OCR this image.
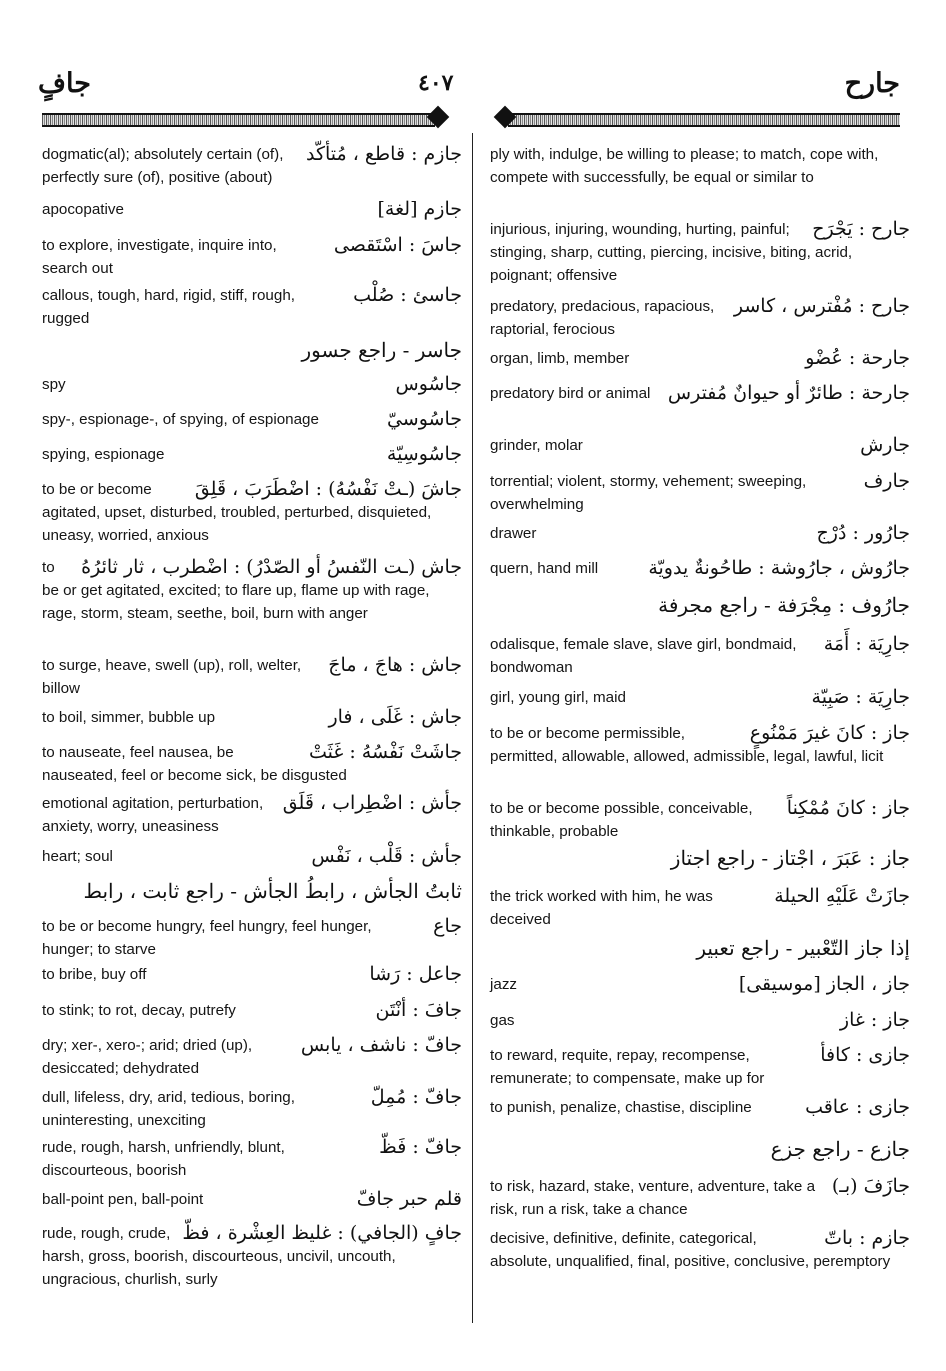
جافٍ	٤٠٧	جارح
جازم : قاطع ، مُتأكّد
dogmatic(al); absolutely certain (of), perfectly sure (of), positive (about)
جازم [لغة]
apocopative
جاسَ : اسْتَقصى
to explore, investigate, inquire into, search out
جاسئ : صُلْب
callous, tough, hard, rigid, stiff, rough, rugged
جاسر - راجع جسور
جاسُوس
spy
جاسُوسيّ
spy-, espionage-, of spying, of espionage
جاسُوسِيّة
spying, espionage
جاشَ (ـتْ نَفْسُهُ) : اضْطَرَبَ ، قَلِقَ
to be or become agitated, upset, disturbed, troubled, perturbed, disquieted, uneasy, worried, anxious
جاش (ـت النّفسُ أو الصّدْرُ) : اضْطرب ، ثار ثائرُهُ
to be or get agitated, excited; to flare up, flame up with rage, rage, storm, steam, seethe, boil, burn with anger
جاش : هاجَ ، ماجَ
to surge, heave, swell (up), roll, welter, billow
جاش : غَلَى ، فار
to boil, simmer, bubble up
جاشَتْ نَفْسُهُ : غَثَتْ
to nauseate, feel nausea, be nauseated, feel or become sick, be disgusted
جأش : اضْطِراب ، قَلَق
emotional agitation, perturbation, anxiety, worry, uneasiness
جأش : قَلْب ، نَفْس
heart; soul
ثابتُ الجأش ، رابطُ الجأش - راجع ثابت ، رابط
جاع
to be or become hungry, feel hungry, feel hunger, hunger; to starve
جاعل : رَشا
to bribe, buy off
جافَ : أنْتَن
to stink; to rot, decay, putrefy
جافّ : ناشف ، يابس
dry; xer-, xero-; arid; dried (up), desiccated; dehydrated
جافّ : مُمِلّ
dull, lifeless, dry, arid, tedious, boring, uninteresting, unexciting
جافّ : فَظّ
rude, rough, harsh, unfriendly, blunt, discourteous, boorish
قلم حبر جافّ
ball-point pen, ball-point
جافٍ (الجافي) : غليظ العِشْرة ، فظّ
rude, rough, crude, harsh, gross, boorish, discourteous, uncivil, uncouth, ungracious, churlish, surly
ply with, indulge, be willing to please; to match, cope with, compete with successfully, be equal or similar to
جارح : يَجْرَح
injurious, injuring, wounding, hurting, painful; stinging, sharp, cutting, piercing, incisive, biting, acrid, poignant; offensive
جارح : مُفْترس ، كاسر
predatory, predacious, rapacious, raptorial, ferocious
جارحة : عُضْو
organ, limb, member
جارحة : طائرٌ أو حيوانٌ مُفترس
predatory bird or animal
جارش
grinder, molar
جارف
torrential; violent, stormy, vehement; sweeping, overwhelming
جارُور : دُرْج
drawer
جارُوش ، جارُوشة : طاحُونةٌ يدويّة
quern, hand mill
جارُوف : مِجْرَفة - راجع مجرفة
جارِيَة : أَمَة
odalisque, female slave, slave girl, bondmaid, bondwoman
جارِيَة : صَبِيّة
girl, young girl, maid
جاز : كانَ غيرَ مَمْنُوعٍ
to be or become permissible, permitted, allowable, allowed, admissible, legal, lawful, licit
جاز : كانَ مُمْكِناً
to be or become possible, conceivable, thinkable, probable
جاز : عَبَرَ ، اجْتاز - راجع اجتاز
جازَتْ عَلَيْهِ الحيلة
the trick worked with him, he was deceived
إذا جاز التّعْبير - راجع تعبير
جاز ، الجاز [موسيقى]
jazz
جاز : غاز
gas
جازى : كافأ
to reward, requite, repay, recompense, remunerate; to compensate, make up for
جازى : عاقب
to punish, penalize, chastise, discipline
جازع - راجع جزع
جازَفَ (بـ)
to risk, hazard, stake, venture, adventure, take a risk, run a risk, take a chance
جازم : باتّ
decisive, definitive, definite, categorical, absolute, unqualified, final, positive, conclusive, peremptory
